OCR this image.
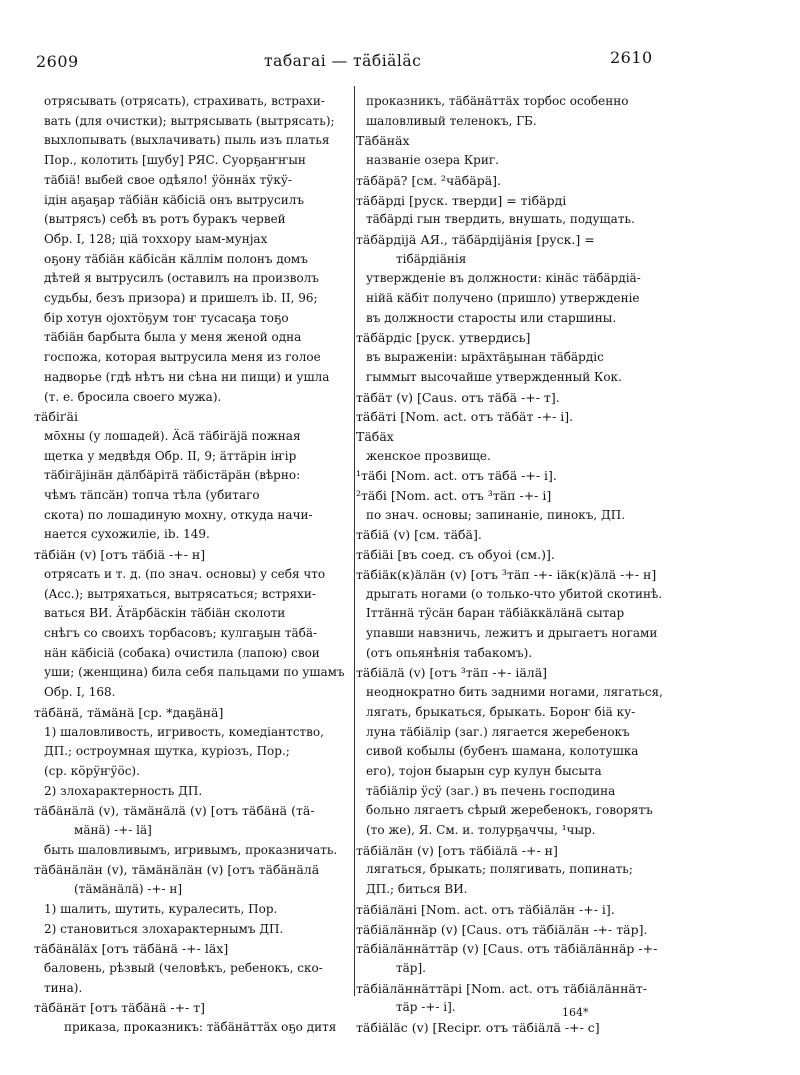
2609	табагаі — тäбіäläс	2610
отрясывать (отрясать), страхивать, встрахи-
вать (для очистки); вытрясывать (вытрясать);
выхлопывать (выхлачивать) пыль изъ платья
Пор., колотить [шубу] РЯС. Суорҕаҥҥын
тäбіä! выбей свое одѣяло! ӱӧннäх тӱкӱ-
ідін аҕаҕар тäбіäн кäбісіä онъ вытрусилъ
(вытрясъ) себѣ въ ротъ буракъ червей
Обр. I, 128; ціä тоххору ыам-мунјах
оҕону тäбіäн кäбісäн кäллім полонъ домъ
дѣтей я вытрусилъ (оставилъ на произволъ
судьбы, безъ призора) и пришелъ ib. II, 96;
бір хотун оjохтӧҕум тоҥ тусасаҕа тоҕо
тäбіäн барбыта была у меня женой одна
госпожа, которая вытрусила меня из голое
надворье (гдѣ нѣтъ ни сѣна ни пищи) и ушла
(т. е. бросила своего мужа).
тäбіґäі
мо̄хны (у лошадей). Äсä тäбігäјä пожная
щетка у медвѣдя Обр. II, 9; äттäрін іҥір
тäбігäјінäн дäлбäрітä тäбістäрäн (вѣрно:
чѣмъ тäпсäн) топча тѣла (убитаго
скота) по лошадиную мохну, откуда начи-
нается сухожиліе, ib. 149.
тäбіäн (v) [отъ тäбіä -+- н]
отрясать и т. д. (по знач. основы) у себя что
(Acc.); вытряхаться, вытрясаться; встряхи-
ваться ВИ. Äтäрбäскін тäбіäн сколоти
снѣгъ со своихъ торбасовъ; кулгаҕын тäбä-
нäн кäбісіä (собака) очистила (лапою) свои
уши; (женщина) била себя пальцами по ушамъ
Обр. I, 168.
тäбäнä, тäмäнä [ср. *даҕäнä]
1) шаловливость, игривость, комедіантство,
ДП.; остроумная шутка, куріозъ, Пор.;
(ср. кӧрӱҥӱӧс).
2) злохарактерность ДП.
тäбäнäлä (v), тäмäнäлä (v) [отъ тäбäнä (тä-
мäнä) -+- lä]
быть шаловливымъ, игривымъ, проказничать.
тäбäнäлäн (v), тäмäнäлäн (v) [отъ тäбäнäлä
(тäмäнäлä) -+- н]
1) шалить, шутить, куралесить, Пор.
2) становиться злохарактернымъ ДП.
тäбäнäläх [отъ тäбäнä -+- läх]
баловень, рѣзвый (человѣкъ, ребенокъ, ско-
тина).
тäбäнäт [отъ тäбäнä -+- т]
приказа, проказникъ: тäбäнäттäх оҕо дитя
проказникъ, тäбäнäттäх торбос особенно
шаловливый теленокъ, ГБ.
Тäбäнäх
названіе озера Криг.
тäбäрä? [см. ²чäбäрä].
тäбäрді [руск. тверди] = тібäрді
тäбäрді гын твердить, внушать, подущать.
тäбäрдіjä АЯ., тäбäрдіjäнія [руск.] =
тібäрдіäнія
утвержденіе въ должности: кінäс тäбäрдіä-
нійä кäбіт получено (пришло) утвержденіе
въ должности старосты или старшины.
тäбäрдіс [руск. утвердись]
въ выраженіи: ырäхтäҕынан тäбäрдіс
гыммыт высочайше утвержденный Кок.
тäбäт (v) [Caus. отъ тäбä -+- т].
тäбäті [Nom. act. отъ тäбäт -+- і].
Тäбäх
женское прозвище.
¹тäбі [Nom. act. отъ тäбä -+- і].
²тäбі [Nom. act. отъ ³тäп -+- і]
по знач. основы; запинаніе, пинокъ, ДП.
тäбіä (v) [см. тäбä].
тäбіäі [въ соед. съ обуоі (см.)].
тäбіäк(к)äлäн (v) [отъ ³тäп -+- іäк(к)äлä -+- н]
дрыгать ногами (о только-что убитой скотинѣ.
Іттäннä тӱсäн баран тäбіäккäлäнä сытар
упавши навзничь, лежитъ и дрыгаетъ ногами
(отъ опьянѣнія табакомъ).
тäбіäлä (v) [отъ ³тäп -+- іäлä]
неоднократно бить задними ногами, лягаться,
лягать, брыкаться, брыкать. Бороҥ біä ку-
луна тäбіäлір (заг.) лягается жеребенокъ
сивой кобылы (бубенъ шамана, колотушка
его), тојон быарын сур кулун бысыта
тäбіäлір ӱсӱ (заг.) въ печень господина
больно лягаетъ сѣрый жеребенокъ, говорятъ
(то же), Я. См. и. толурҕаччы, ¹чыр.
тäбіäлäн (v) [отъ тäбіäлä -+- н]
лягаться, брыкать; полягивать, попинать;
ДП.; биться ВИ.
тäбіäлäні [Nom. act. отъ тäбіäлäн -+- і].
тäбіäлäннäр (v) [Caus. отъ тäбіäлäн -+- тäр].
тäбіäлäннäттäр (v) [Caus. отъ тäбіäлäннäр -+-
тäр].
тäбіäлäннäттäрі [Nom. act. отъ тäбіäлäннäт-
тäр -+- і].
тäбіäläс (v) [Recipr. отъ тäбіäлä -+- с]
164*
